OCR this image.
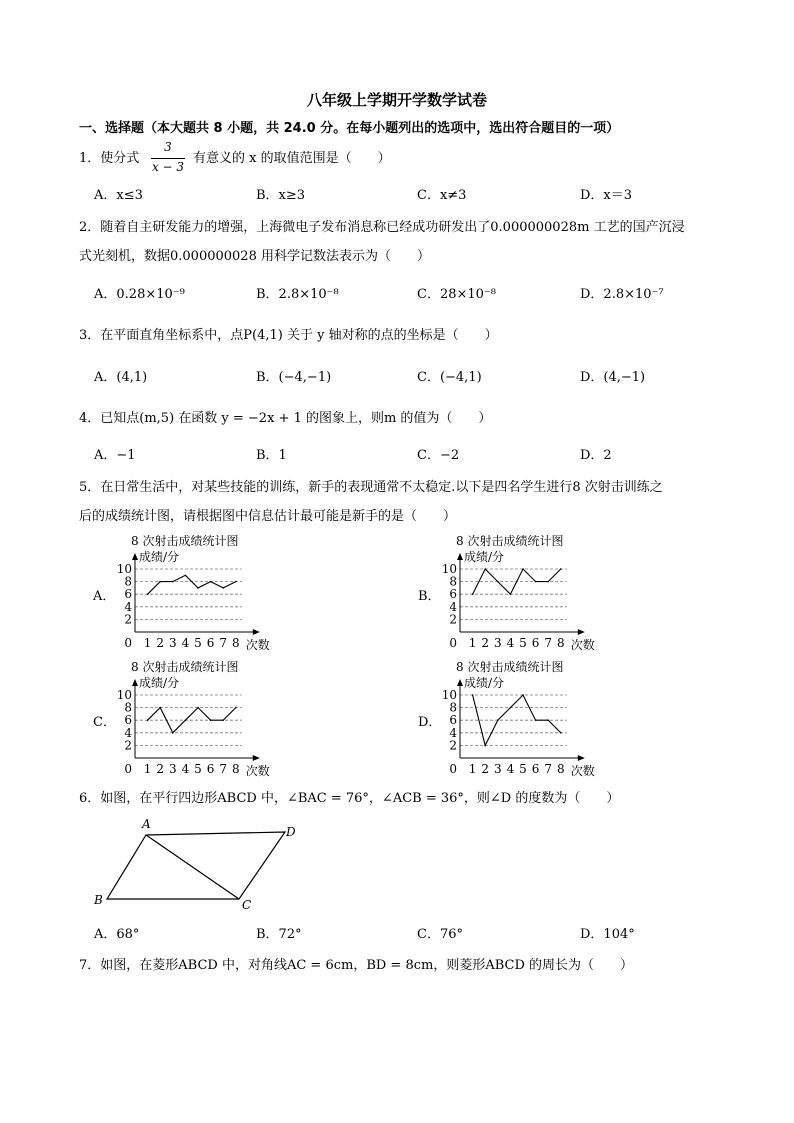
八年级上学期开学数学试卷
一、选择题（本大题共 8 小题，共 24.0 分。在每小题列出的选项中，选出符合题目的一项）
1．使分式
3
x − 3
有意义的 x 的取值范围是（　　）
A．x≤3	B．x≥3	C．x≠3	D．x＝3
2．随着自主研发能力的增强，上海微电子发布消息称已经成功研发出了0.000000028m 工艺的国产沉浸
式光刻机，数据0.000000028 用科学记数法表示为（　　）
A．0.28×10⁻⁹	B．2.8×10⁻⁸	C．28×10⁻⁸	D．2.8×10⁻⁷
3．在平面直角坐标系中，点P(4,1) 关于 y 轴对称的点的坐标是（　　）
A．(4,1)	B．(−4,−1)	C．(−4,1)	D．(4,−1)
4．已知点(m,5) 在函数 y = −2x + 1 的图象上，则m 的值为（　　）
A．−1	B．1	C．−2	D．2
5．在日常生活中，对某些技能的训练，新手的表现通常不太稳定.以下是四名学生进行8 次射击训练之
后的成绩统计图，请根据图中信息估计最可能是新手的是（　　）
A．
8 次射击成绩统计图
成绩/分
2
4
6
8
10
0 1 2 3 4 5 6 7 8 次数
B．
8 次射击成绩统计图
成绩/分
2
4
6
8
10
0 1 2 3 4 5 6 7 8 次数
C．
8 次射击成绩统计图
成绩/分
2
4
6
8
10
0 1 2 3 4 5 6 7 8 次数
D．
8 次射击成绩统计图
成绩/分
2
4
6
8
10
0 1 2 3 4 5 6 7 8 次数
6．如图，在平行四边形ABCD 中，∠BAC = 76°，∠ACB = 36°，则∠D 的度数为（　　）
A
D
B	C
A．68°	B．72°	C．76°	D．104°
7．如图，在菱形ABCD 中，对角线AC = 6cm，BD = 8cm，则菱形ABCD 的周长为（　　）
